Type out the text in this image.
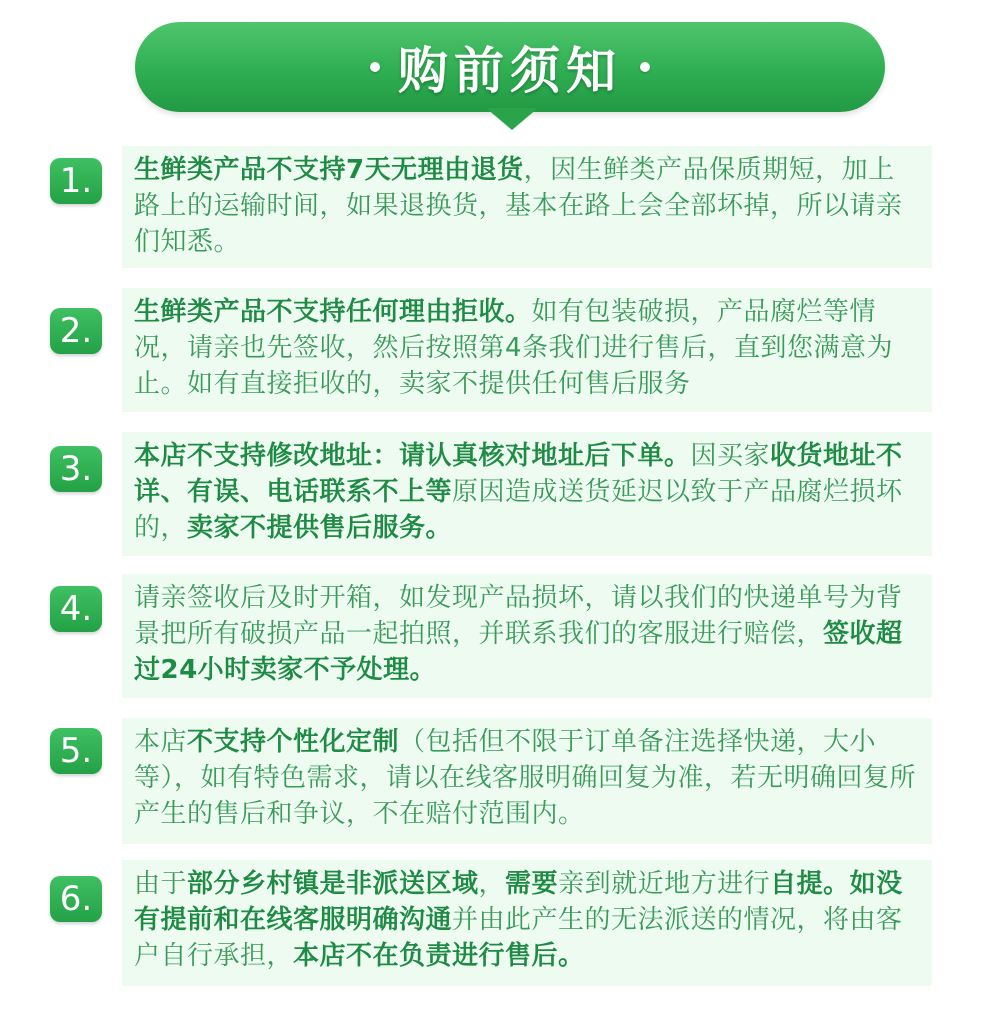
购前须知
1.	生鲜类产品不支持7天无理由退货，因生鲜类产品保质期短，加上路上的运输时间，如果退换货，基本在路上会全部坏掉，所以请亲们知悉。
2.	生鲜类产品不支持任何理由拒收。如有包装破损，产品腐烂等情况，请亲也先签收，然后按照第4条我们进行售后，直到您满意为止。如有直接拒收的，卖家不提供任何售后服务
3.	本店不支持修改地址：请认真核对地址后下单。因买家收货地址不详、有误、电话联系不上等原因造成送货延迟以致于产品腐烂损坏的，卖家不提供售后服务。
4.	请亲签收后及时开箱，如发现产品损坏，请以我们的快递单号为背景把所有破损产品一起拍照，并联系我们的客服进行赔偿，签收超过24小时卖家不予处理。
5.	本店不支持个性化定制（包括但不限于订单备注选择快递，大小等），如有特色需求，请以在线客服明确回复为准，若无明确回复所产生的售后和争议，不在赔付范围内。
6.	由于部分乡村镇是非派送区域，需要亲到就近地方进行自提。如没有提前和在线客服明确沟通并由此产生的无法派送的情况，将由客户自行承担，本店不在负责进行售后。
